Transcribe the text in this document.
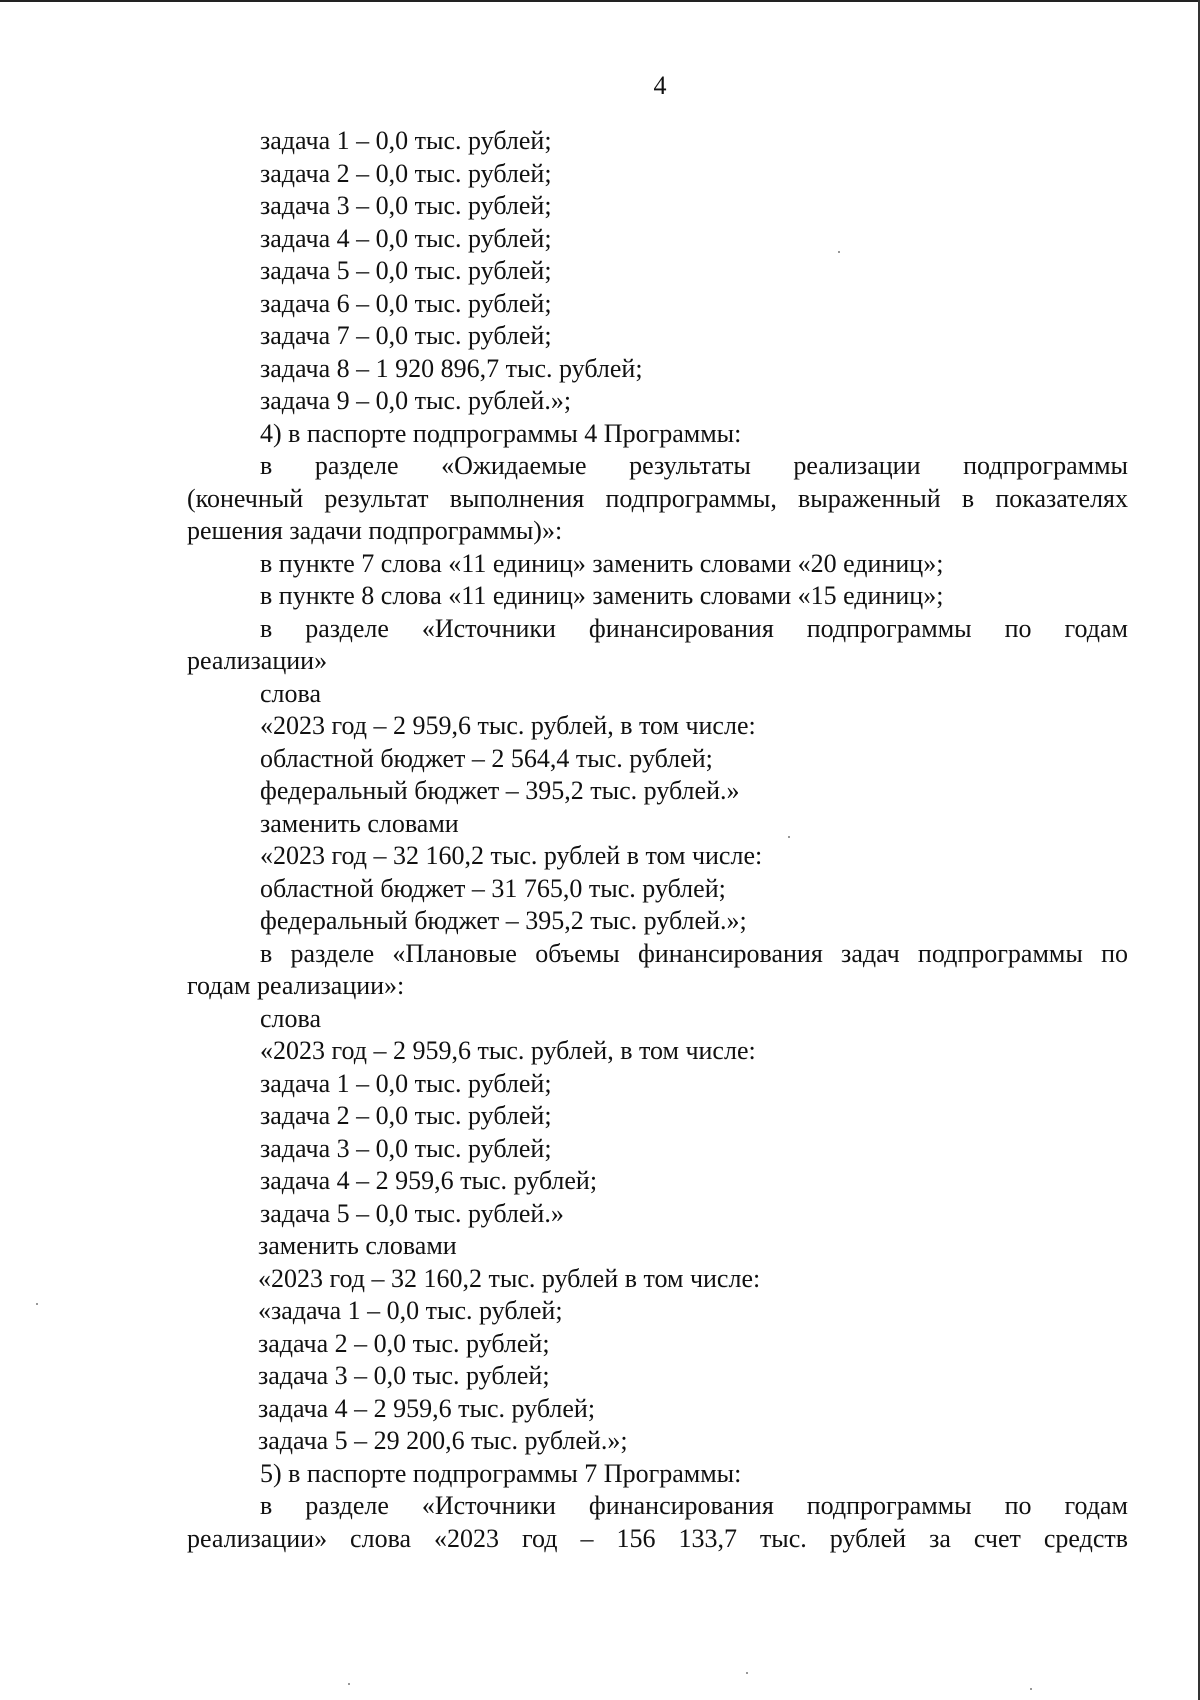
4
задача 1 – 0,0 тыс. рублей;
задача 2 – 0,0 тыс. рублей;
задача 3 – 0,0 тыс. рублей;
задача 4 – 0,0 тыс. рублей;
задача 5 – 0,0 тыс. рублей;
задача 6 – 0,0 тыс. рублей;
задача 7 – 0,0 тыс. рублей;
задача 8 – 1 920 896,7 тыс. рублей;
задача 9 – 0,0 тыс. рублей.»;
4) в паспорте подпрограммы 4 Программы:
в разделе «Ожидаемые результаты реализации подпрограммы
(конечный результат выполнения подпрограммы, выраженный в показателях
решения задачи подпрограммы)»:
в пункте 7 слова «11 единиц» заменить словами «20 единиц»;
в пункте 8 слова «11 единиц» заменить словами «15 единиц»;
в разделе «Источники финансирования подпрограммы по годам
реализации»
слова
«2023 год – 2 959,6 тыс. рублей, в том числе:
областной бюджет – 2 564,4 тыс. рублей;
федеральный бюджет – 395,2 тыс. рублей.»
заменить словами
«2023 год – 32 160,2 тыс. рублей в том числе:
областной бюджет – 31 765,0 тыс. рублей;
федеральный бюджет – 395,2 тыс. рублей.»;
в разделе «Плановые объемы финансирования задач подпрограммы по
годам реализации»:
слова
«2023 год – 2 959,6 тыс. рублей, в том числе:
задача 1 – 0,0 тыс. рублей;
задача 2 – 0,0 тыс. рублей;
задача 3 – 0,0 тыс. рублей;
задача 4 – 2 959,6 тыс. рублей;
задача 5 – 0,0 тыс. рублей.»
заменить словами
«2023 год – 32 160,2 тыс. рублей в том числе:
«задача 1 – 0,0 тыс. рублей;
задача 2 – 0,0 тыс. рублей;
задача 3 – 0,0 тыс. рублей;
задача 4 – 2 959,6 тыс. рублей;
задача 5 – 29 200,6 тыс. рублей.»;
5) в паспорте подпрограммы 7 Программы:
в разделе «Источники финансирования подпрограммы по годам
реализации» слова «2023 год – 156 133,7 тыс. рублей за счет средств
